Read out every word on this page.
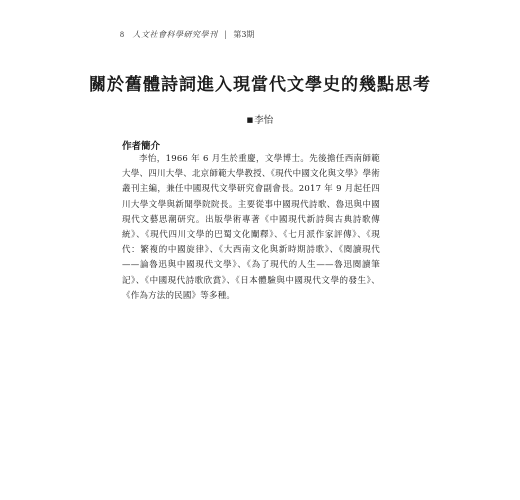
8 人文社會科學研究學刊 | 第3期
關於舊體詩詞進入現當代文學史的幾點思考
■李怡
作者簡介

李怡，1966 年 6 月生於重慶，文學博士。先後擔任西南師範大學、四川大學、北京師範大學教授、《現代中國文化與文學》學術叢刊主編，兼任中國現代文學研究會副會長。2017 年 9 月起任四川大學文學與新聞學院院長。主要從事中國現代詩歌、魯迅與中國現代文藝思潮研究。出版學術專著《中國現代新詩與古典詩歌傳統》、《現代四川文學的巴蜀文化闡釋》、《七月派作家評傳》、《現代：繁複的中國旋律》、《大西南文化與新時期詩歌》、《閱讀現代——論魯迅與中國現代文學》、《為了現代的人生——魯迅閱讀筆記》、《中國現代詩歌欣賞》、《日本體驗與中國現代文學的發生》、《作為方法的民國》等多種。
